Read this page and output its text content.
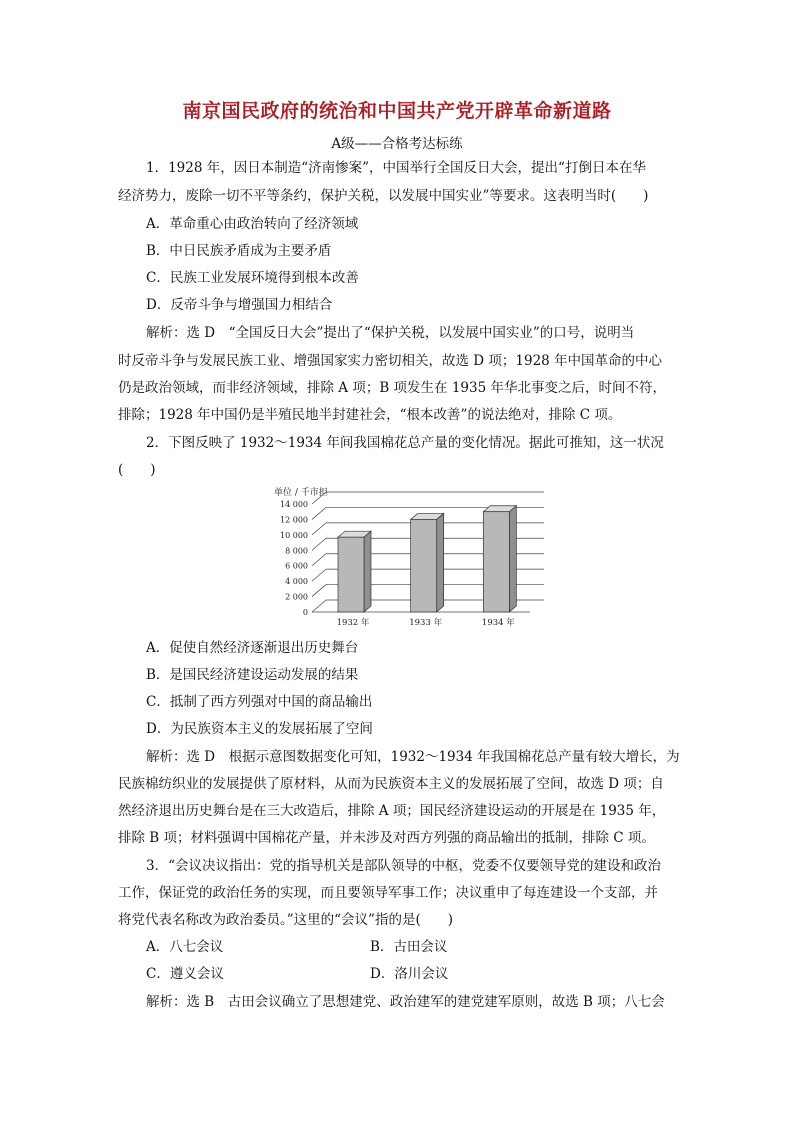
南京国民政府的统治和中国共产党开辟革命新道路
A级——合格考达标练
1．1928 年，因日本制造“济南惨案”，中国举行全国反日大会，提出“打倒日本在华
经济势力，废除一切不平等条约，保护关税，以发展中国实业”等要求。这表明当时(　　)
A．革命重心由政治转向了经济领域
B．中日民族矛盾成为主要矛盾
C．民族工业发展环境得到根本改善
D．反帝斗争与增强国力相结合
解析：选 D　“全国反日大会”提出了“保护关税，以发展中国实业”的口号，说明当
时反帝斗争与发展民族工业、增强国家实力密切相关，故选 D 项；1928 年中国革命的中心
仍是政治领域，而非经济领域，排除 A 项；B 项发生在 1935 年华北事变之后，时间不符，
排除；1928 年中国仍是半殖民地半封建社会，“根本改善”的说法绝对，排除 C 项。
2．下图反映了 1932～1934 年间我国棉花总产量的变化情况。据此可推知，这一状况
(　　)
单位 / 千市担
0
2 000
4 000
6 000
8 000
10 000
12 000
14 000
1932 年	1933 年	1934 年
A．促使自然经济逐渐退出历史舞台
B．是国民经济建设运动发展的结果
C．抵制了西方列强对中国的商品输出
D．为民族资本主义的发展拓展了空间
解析：选 D　根据示意图数据变化可知，1932～1934 年我国棉花总产量有较大增长，为
民族棉纺织业的发展提供了原材料，从而为民族资本主义的发展拓展了空间，故选 D 项；自
然经济退出历史舞台是在三大改造后，排除 A 项；国民经济建设运动的开展是在 1935 年，
排除 B 项；材料强调中国棉花产量，并未涉及对西方列强的商品输出的抵制，排除 C 项。
3．“会议决议指出：党的指导机关是部队领导的中枢，党委不仅要领导党的建设和政治
工作，保证党的政治任务的实现，而且要领导军事工作；决议重申了每连建设一个支部，并
将党代表名称改为政治委员。”这里的“会议”指的是(　　)
A．八七会议	B．古田会议
C．遵义会议	D．洛川会议
解析：选 B　古田会议确立了思想建党、政治建军的建党建军原则，故选 B 项；八七会
